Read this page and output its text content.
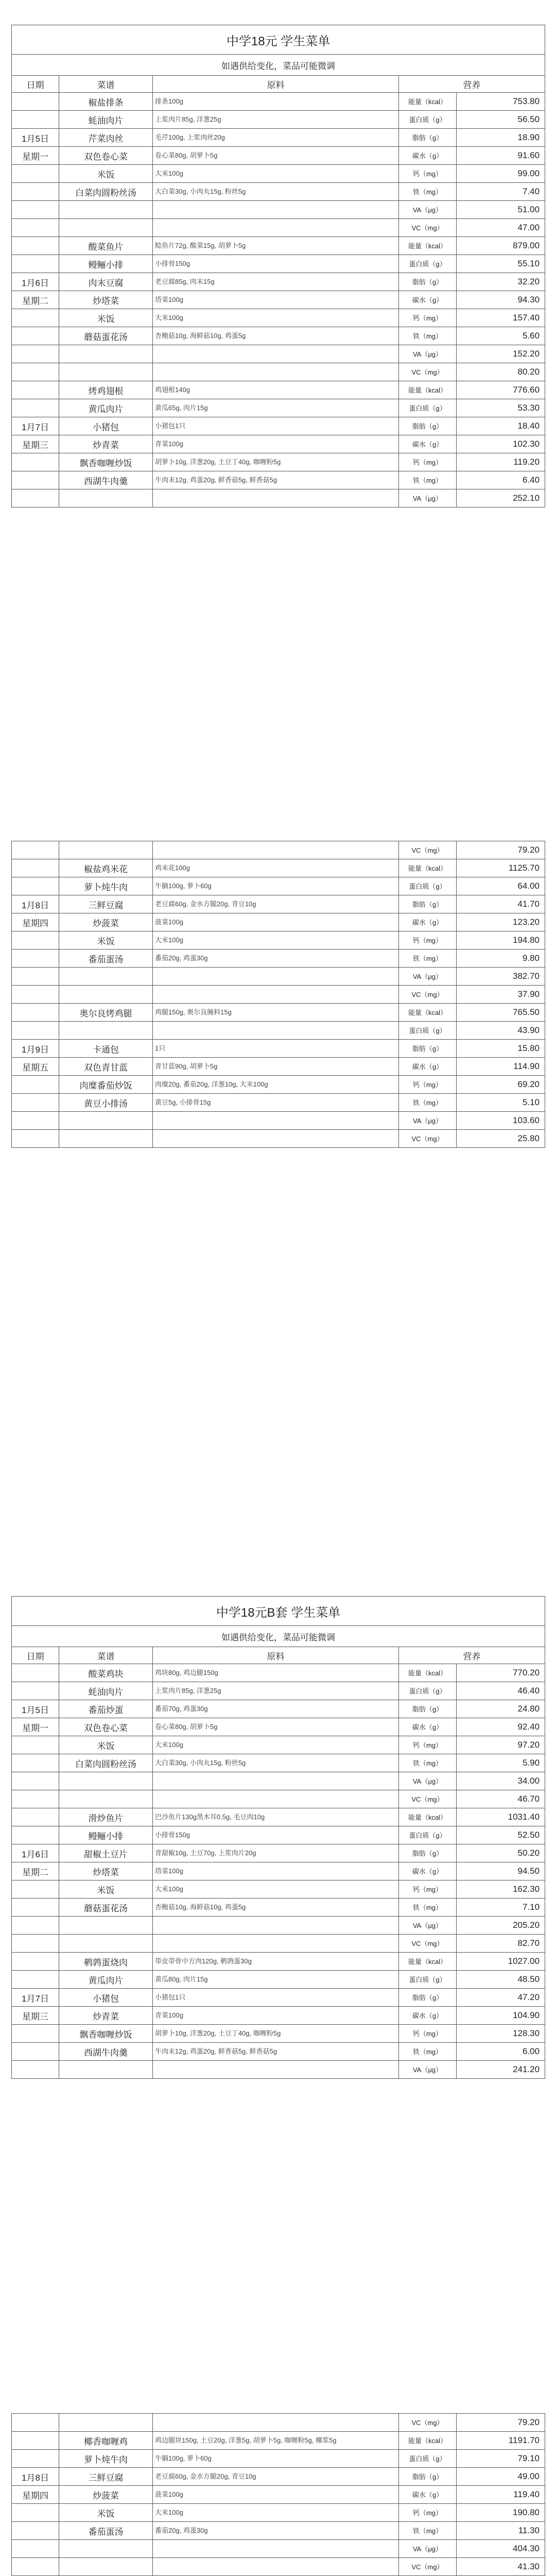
中学18元 学生菜单				
如遇供给变化，菜品可能微调				
日期	菜谱	原料	营养	
	椒盐排条	排条100g	能量（kcal）	753.80
	蚝油肉片	上浆肉片85g, 洋葱25g	蛋白质（g）	56.50
1月5日	芹菜肉丝	毛芹100g, 上浆肉丝20g	脂肪（g）	18.90
星期一	双色卷心菜	卷心菜80g, 胡萝卜5g	碳水（g）	91.60
	米饭	大米100g	钙（mg）	99.00
	白菜肉圆粉丝汤	大白菜30g, 小肉丸15g, 粉丝5g	铁（mg）	7.40
			VA（μg）	51.00
			VC（mg）	47.00
	酸菜鱼片	鲶鱼片72g, 酸菜15g, 胡萝卜5g	能量（kcal）	879.00
	鳗鲡小排	小排骨150g	蛋白质（g）	55.10
1月6日	肉末豆腐	老豆腐85g, 肉末15g	脂肪（g）	32.20
星期二	炒塔菜	塔菜100g	碳水（g）	94.30
	米饭	大米100g	钙（mg）	157.40
	蘑菇蛋花汤	杏鲍菇10g, 海鲜菇10g, 鸡蛋5g	铁（mg）	5.60
			VA（μg）	152.20
			VC（mg）	80.20
	烤鸡翅根	鸡翅根140g	能量（kcal）	776.60
	黄瓜肉片	黄瓜65g, 肉片15g	蛋白质（g）	53.30
1月7日	小猪包	小猪包1只	脂肪（g）	18.40
星期三	炒青菜	青菜100g	碳水（g）	102.30
	飘香咖喱炒饭	胡萝卜10g, 洋葱20g, 土豆丁40g, 咖喱粉5g	钙（mg）	119.20
	西湖牛肉羹	牛肉末12g, 鸡蛋20g, 鲜香菇5g, 鲜香菇5g	铁（mg）	6.40
			VA（μg）	252.10
			VC（mg）	79.20
	椒盐鸡米花	鸡米花100g	能量（kcal）	1125.70
	萝卜炖牛肉	牛腩100g, 萝卜60g	蛋白质（g）	64.00
1月8日	三鲜豆腐	老豆腐60g, 金水方腿20g, 青豆10g	脂肪（g）	41.70
星期四	炒菠菜	菠菜100g	碳水（g）	123.20
	米饭	大米100g	钙（mg）	194.80
	番茄蛋汤	番茄20g, 鸡蛋30g	铁（mg）	9.80
			VA（μg）	382.70
			VC（mg）	37.90
	奥尔良烤鸡腿	鸡腿150g, 奥尔良腌料15g	能量（kcal）	765.50
			蛋白质（g）	43.90
1月9日	卡通包	1只	脂肪（g）	15.80
星期五	双色青甘蓝	青甘蓝90g, 胡萝卜5g	碳水（g）	114.90
	肉糜番茄炒饭	肉糜20g, 番茄20g, 洋葱10g, 大米100g	钙（mg）	69.20
	黄豆小排汤	黄豆5g, 小排骨15g	铁（mg）	5.10
			VA（μg）	103.60
			VC（mg）	25.80
中学18元B套 学生菜单				
如遇供给变化，菜品可能微调				
日期	菜谱	原料	营养	
	酸菜鸡块	鸡块80g, 鸡边腿150g	能量（kcal）	770.20
	蚝油肉片	上浆肉片85g, 洋葱25g	蛋白质（g）	46.40
1月5日	番茄炒蛋	番茄70g, 鸡蛋30g	脂肪（g）	24.80
星期一	双色卷心菜	卷心菜80g, 胡萝卜5g	碳水（g）	92.40
	米饭	大米100g	钙（mg）	97.20
	白菜肉圆粉丝汤	大白菜30g, 小肉丸15g, 粉丝5g	铁（mg）	5.90
			VA（μg）	34.00
			VC（mg）	46.70
	滑炒鱼片	巴沙鱼片130g黑木耳0.5g, 毛豆肉10g	能量（kcal）	1031.40
	鳗鲡小排	小排骨150g	蛋白质（g）	52.50
1月6日	甜椒土豆片	青甜椒10g, 土豆70g, 上浆肉片20g	脂肪（g）	50.20
星期二	炒塔菜	塔菜100g	碳水（g）	94.50
	米饭	大米100g	钙（mg）	162.30
	蘑菇蛋花汤	杏鲍菇10g, 海鲜菇10g, 鸡蛋5g	铁（mg）	7.10
			VA（μg）	205.20
			VC（mg）	82.70
	鹌鹑蛋烧肉	带皮带骨中方肉120g, 鹌鹑蛋30g	能量（kcal）	1027.00
	黄瓜肉片	黄瓜80g, 肉片15g	蛋白质（g）	48.50
1月7日	小猪包	小猪包1只	脂肪（g）	47.20
星期三	炒青菜	青菜100g	碳水（g）	104.90
	飘香咖喱炒饭	胡萝卜10g, 洋葱20g, 土豆丁40g, 咖喱粉5g	钙（mg）	128.30
	西湖牛肉羹	牛肉末12g, 鸡蛋20g, 鲜香菇5g, 鲜香菇5g	铁（mg）	6.00
			VA（μg）	241.20
			VC（mg）	79.20
	椰香咖喱鸡	鸡边腿块150g, 土豆20g, 洋葱5g, 胡萝卜5g, 咖喱粉5g, 椰浆5g	能量（kcal）	1191.70
	萝卜炖牛肉	牛腩100g, 萝卜60g	蛋白质（g）	79.10
1月8日	三鲜豆腐	老豆腐60g, 金水方腿20g, 青豆10g	脂肪（g）	49.00
星期四	炒菠菜	菠菜100g	碳水（g）	119.40
	米饭	大米100g	钙（mg）	190.80
	番茄蛋汤	番茄20g, 鸡蛋30g	铁（mg）	11.30
			VA（μg）	404.30
			VC（mg）	41.30
